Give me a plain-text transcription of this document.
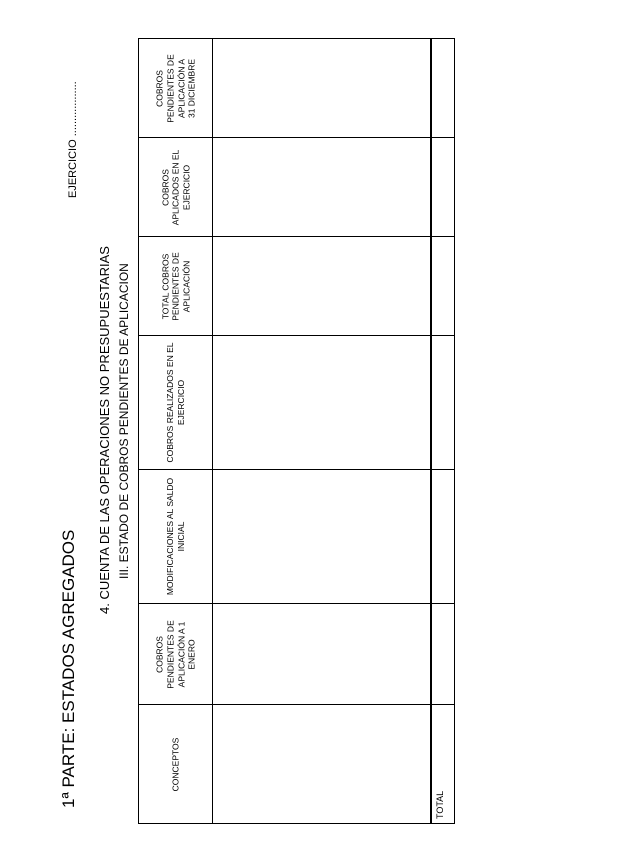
1ª PARTE: ESTADOS AGREGADOS
4. CUENTA DE LAS OPERACIONES NO PRESUPUESTARIAS III. ESTADO DE COBROS PENDIENTES DE APLICACION
EJERCICIO ..................
CONCEPTOS
COBROS PENDIENTES DE APLICACIÓN A 1 ENERO
MODIFICACIONES AL SALDO INICIAL
COBROS REALIZADOS EN EL EJERCICIO
TOTAL COBROS PENDIENTES DE APLICACIÓN
COBROS APLICADOS EN EL EJERCICIO
COBROS PENDIENTES DE APLICACIÓN A 31 DICIEMBRE
TOTAL
